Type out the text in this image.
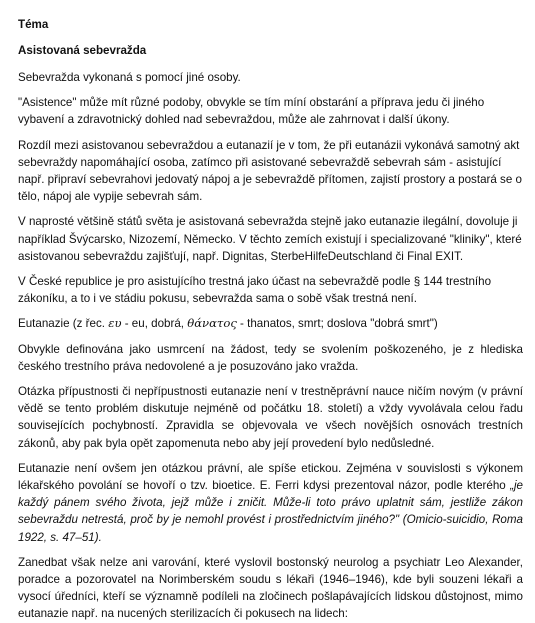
Téma
Asistovaná sebevražda

Sebevražda vykonaná s pomocí jiné osoby.

"Asistence" může mít různé podoby, obvykle se tím míní obstarání a příprava jedu či jiného vybavení a zdravotnický dohled nad sebevraždou, může ale zahrnovat i další úkony.

Rozdíl mezi asistovanou sebevraždou a eutanazií je v tom, že při eutanázii vykonává samotný akt sebevraždy napomáhající osoba, zatímco při asistované sebevraždě sebevrah sám - asistující např. připraví sebevrahovi jedovatý nápoj a je sebevraždě přítomen, zajistí prostory a postará se o tělo, nápoj ale vypije sebevrah sám.

V naprosté většině států světa je asistovaná sebevražda stejně jako eutanazie ilegální, dovoluje ji například Švýcarsko, Nizozemí, Německo. V těchto zemích existují i specializované "kliniky", které asistovanou sebevraždu zajišťují, např. Dignitas, SterbeHilfeDeutschland či Final EXIT.

V České republice je pro asistujícího trestná jako účast na sebevraždě podle § 144 trestního zákoníku, a to i ve stádiu pokusu, sebevražda sama o sobě však trestná není.

Eutanazie (z řec. ευ - eu, dobrá, θάνατος - thanatos, smrt; doslova "dobrá smrt")

Obvykle definována jako usmrcení na žádost, tedy se svolením poškozeného, je z hlediska českého trestního práva nedovolené a je posuzováno jako vražda.

Otázka přípustnosti či nepřípustnosti eutanazie není v trestněprávní nauce ničím novým (v právní vědě se tento problém diskutuje nejméně od počátku 18. století) a vždy vyvolávala celou řadu souvisejících pochybností. Zpravidla se objevovala ve všech novějších osnovách trestních zákonů, aby pak byla opět zapomenuta nebo aby její provedení bylo nedůsledné.

Eutanazie není ovšem jen otázkou právní, ale spíše etickou. Zejména v souvislosti s výkonem lékařského povolání se hovoří o tzv. bioetice. E. Ferri kdysi prezentoval názor, podle kterého „je každý pánem svého života, jejž může i zničit. Může-li toto právo uplatnit sám, jestliže zákon sebevraždu netrestá, proč by je nemohl provést i prostřednictvím jiného?" (Omicio-suicidio, Roma 1922, s. 47–51).

Zanedbat však nelze ani varování, které vyslovil bostonský neurolog a psychiatr Leo Alexander, poradce a pozorovatel na Norimberském soudu s lékaři (1946–1946), kde byli souzeni lékaři a vysocí úředníci, kteří se významně podíleli na zločinech pošlapávajících lidskou důstojnost, mimo eutanazie např. na nucených sterilizacích či pokusech na lidech:
